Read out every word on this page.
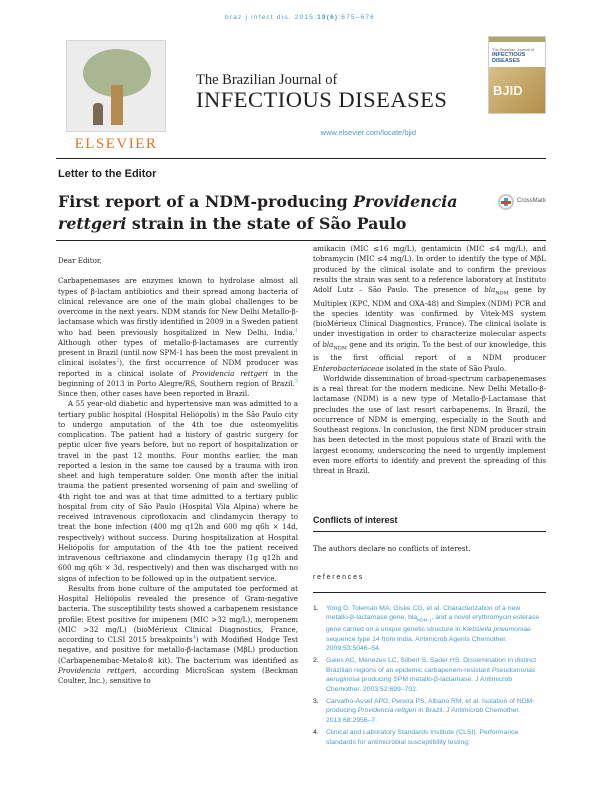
braz j infect dis. 2015;19(6):675–676
ELSEVIER
The Brazilian Journal of
INFECTIOUS DISEASES
www.elsevier.com/locate/bjid
The Brazilian Journal of
INFECTIOUS DISEASES
BJID
Letter to the Editor
First report of a NDM-producing Providencia rettgeri strain in the state of São Paulo
CrossMark

Dear Editor,

Carbapenemases are enzymes known to hydrolase almost all types of β-lactam antibiotics and their spread among bacteria of clinical relevance are one of the main global challenges to be overcome in the next years. NDM stands for New Delhi Metallo-β-lactamase which was firstly identified in 2009 in a Sweden patient who had been previously hospitalized in New Delhi, India.$^1$ Although other types of metallo-β-lactamases are currently present in Brazil (until now SPM-1 has been the most prevalent in clinical isolates$^2$), the first occurrence of NDM producer was reported in a clinical isolate of Providencia rettgeri in the beginning of 2013 in Porto Alegre/RS, Southern region of Brazil.$^3$ Since then, other cases have been reported in Brazil.

A 55 year-old diabetic and hypertensive man was admitted to a tertiary public hospital (Hospital Heliópolis) in the São Paulo city to undergo amputation of the 4th toe due osteomyelitis complication. The patient had a history of gastric surgery for peptic ulcer five years before, but no report of hospitalization or travel in the past 12 months. Four months earlier, the man reported a lesion in the same toe caused by a trauma with iron sheet and high temperature solder. One month after the initial trauma the patient presented worsening of pain and swelling of 4th right toe and was at that time admitted to a tertiary public hospital from city of São Paulo (Hospital Vila Alpina) where he received intravenous ciprofloxacin and clindamycin therapy to treat the bone infection (400 mg q12h and 600 mg q6h × 14d, respectively) without success. During hospitalization at Hospital Heliópolis for amputation of the 4th toe the patient received intravenous ceftriaxone and clindamycin therapy (1g q12h and 600 mg q6h × 3d, respectively) and then was discharged with no signs of infection to be followed up in the outpatient service.

Results from bone culture of the amputated toe performed at Hospital Heliópolis revealed the presence of Gram-negative bacteria. The susceptibility tests showed a carbapenem resistance profile: Etest positive for imipenem (MIC >32 mg/L), meropenem (MIC >32 mg/L) (bioMérieux Clinical Diagnostics, France, according to CLSI 2015 breakpoints$^4$) with Modified Hodge Test negative, and positive for metallo-β-lactamase (MβL) production (Carbapenembac-Metalo® kit). The bacterium was identified as Providencia rettgeri, according MicroScan system (Beckman Coulter, Inc.), sensitive to

amikacin (MIC ≤16 mg/L), gentamicin (MIC ≤4 mg/L), and tobramycin (MIC ≤4 mg/L). In order to identify the type of MβL produced by the clinical isolate and to confirm the previous results the strain was sent to a reference laboratory at Instituto Adolf Lutz – São Paulo. The presence of bla$_{NDM}$ gene by Multiplex (KPC, NDM and OXA-48) and Simplex (NDM) PCR and the species identity was confirmed by Vitek-MS system (bioMérieux Clinical Diagnostics, France). The clinical isolate is under investigation in order to characterize molecular aspects of bla$_{NDM}$ gene and its origin. To the best of our knowledge, this is the first official report of a NDM producer Enterobacteriaceae isolated in the state of São Paulo.

Worldwide dissemination of broad-spectrum carbapenemases is a real threat for the modern medicine. New Delhi Metallo-β-lactamase (NDM) is a new type of Metallo-β-Lactamase that precludes the use of last resort carbapenems. In Brazil, the occurrence of NDM is emerging, especially in the South and Southeast regions. In conclusion, the first NDM producer strain has been detected in the most populous state of Brazil with the largest economy, underscoring the need to urgently implement even more efforts to identify and prevent the spreading of this threat in Brazil.

Conflicts of interest
The authors declare no conflicts of interest.
references
1. Yong D, Toleman MA, Giske CG, et al. Characterization of a new metallo-β-lactamase gene, bla$_{NDM-1}$, and a novel erythromycin esterase gene carried on a unique genetic structure in Klebsiella pneumoniae sequence type 14 from India. Antimicrob Agents Chemother. 2009;53:5046–54.
2. Gales AC, Menezes LC, Silbert S, Sader HS. Dissemination in distinct Brazilian regions of an epidemic carbapenem-resistant Pseudomonas aeruginosa producing SPM metallo-β-lactamase. J Antimicrob Chemother. 2003;52:699–702.
3. Carvalho-Assef APD, Pereira PS, Albano RM, et al. Isolation of NDM-producing Providencia rettgeri in Brazil. J Antimicrob Chemother. 2013;68:2956–7.
4. Clinical and Laboratory Standards Institute (CLSI). Performance standards for antimicrobial susceptibility testing;
